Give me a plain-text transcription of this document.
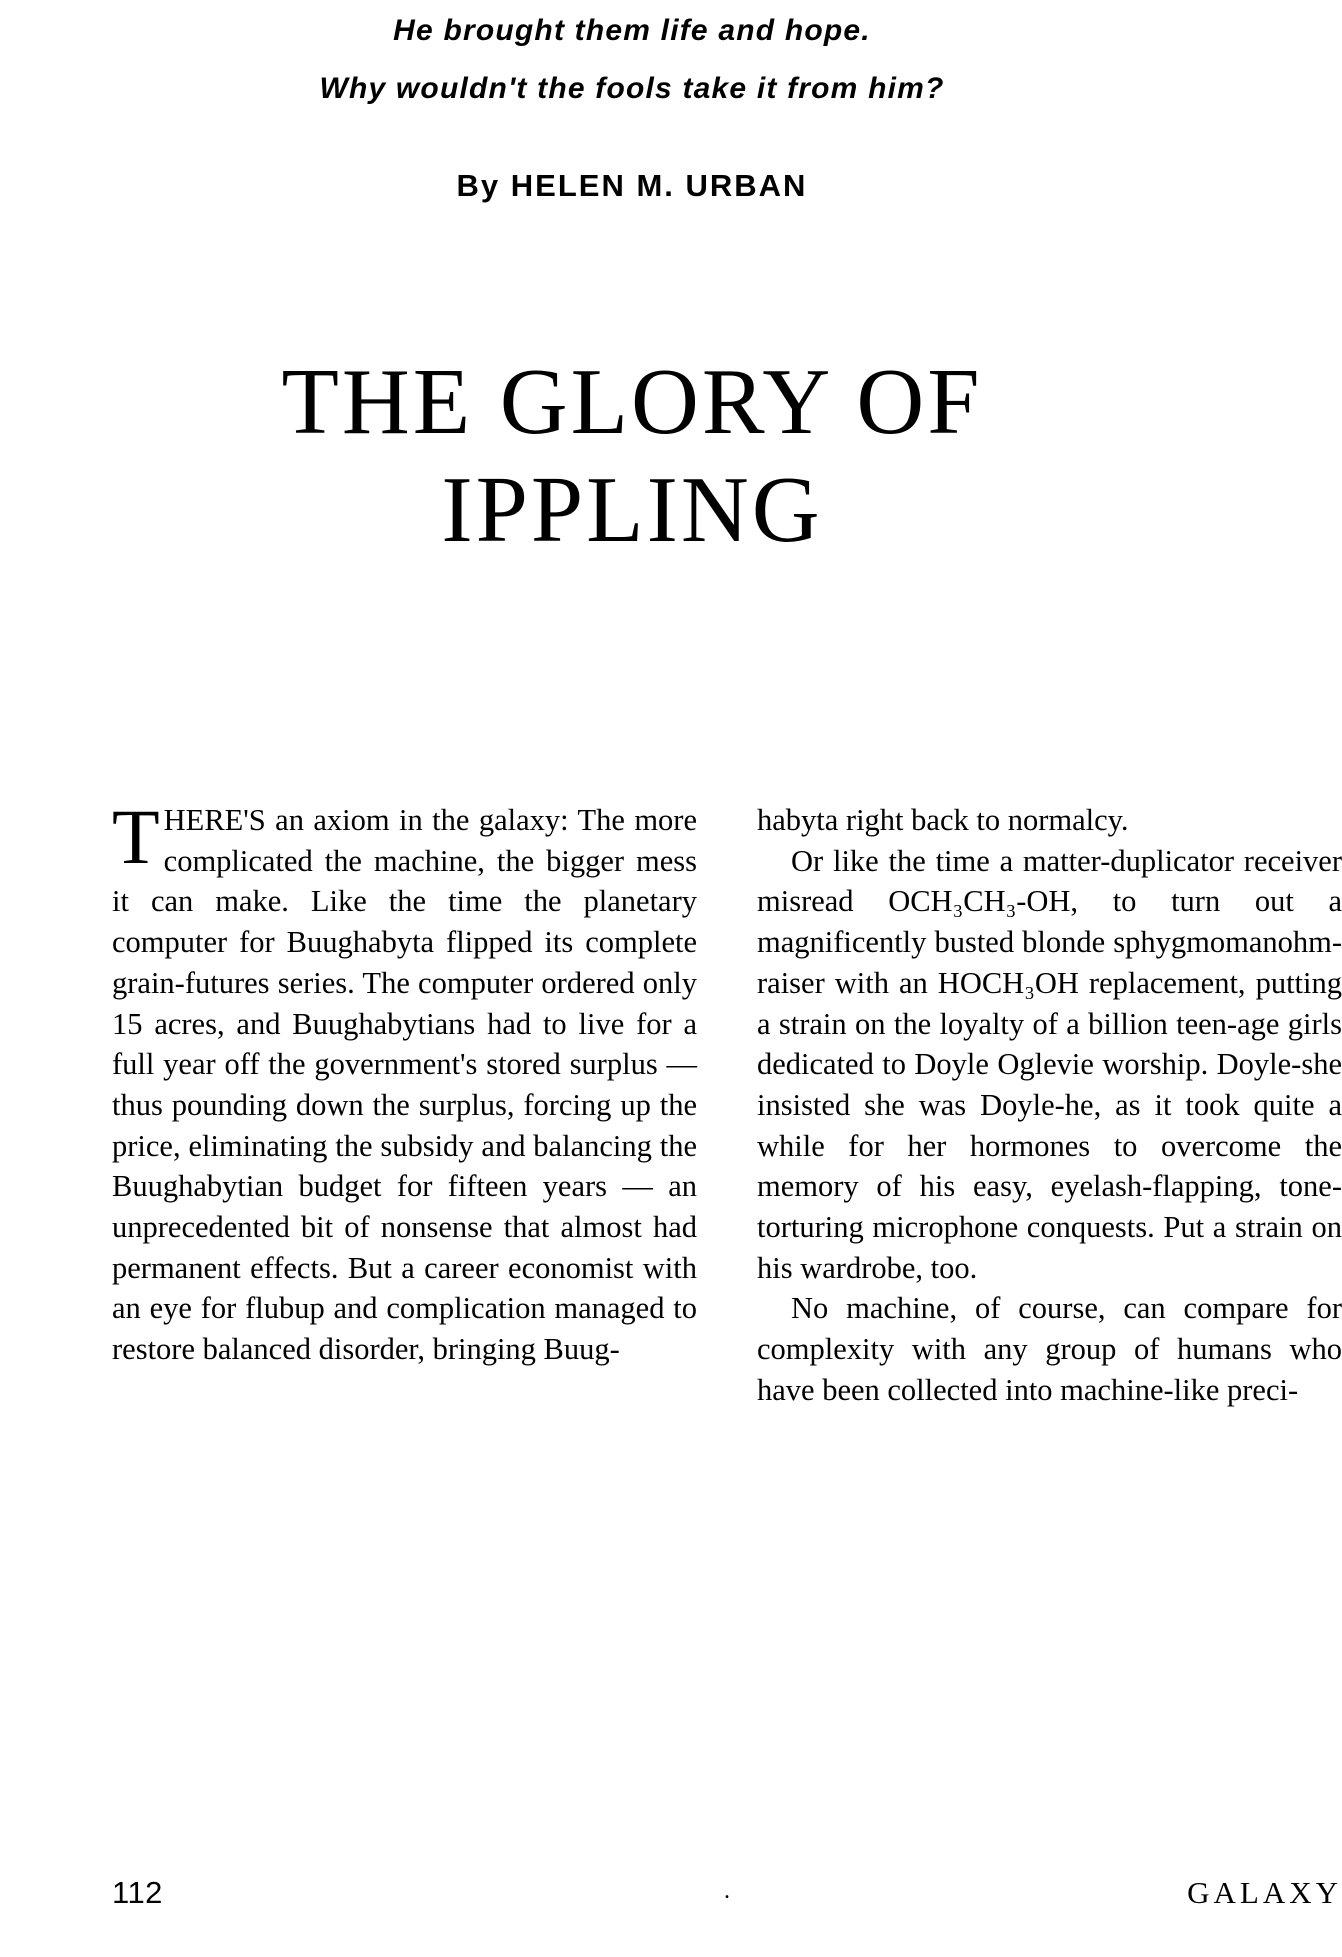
He brought them life and hope.
Why wouldn't the fools take it from him?
By HELEN M. URBAN
THE GLORY OF
IPPLING

THERE'S an axiom in the galaxy: The more complicated the machine, the bigger mess it can make. Like the time the planetary computer for Buughabyta flipped its complete grain-futures series. The computer ordered only 15 acres, and Buughabytians had to live for a full year off the government's stored surplus — thus pounding down the surplus, forcing up the price, eliminating the subsidy and balancing the Buughabytian budget for fifteen years — an unprecedented bit of nonsense that almost had permanent effects. But a career economist with an eye for flubup and complication managed to restore balanced disorder, bringing Buug-

habyta right back to normalcy.

Or like the time a matter-duplicator receiver misread OCH₃CH₃-OH, to turn out a magnificently busted blonde sphygmomanohm-raiser with an HOCH₃OH replacement, putting a strain on the loyalty of a billion teen-age girls dedicated to Doyle Oglevie worship. Doyle-she insisted she was Doyle-he, as it took quite a while for her hormones to overcome the memory of his easy, eyelash-flapping, tone-torturing microphone conquests. Put a strain on his wardrobe, too.

No machine, of course, can compare for complexity with any group of humans who have been collected into machine-like preci-

.
112	GALAXY
